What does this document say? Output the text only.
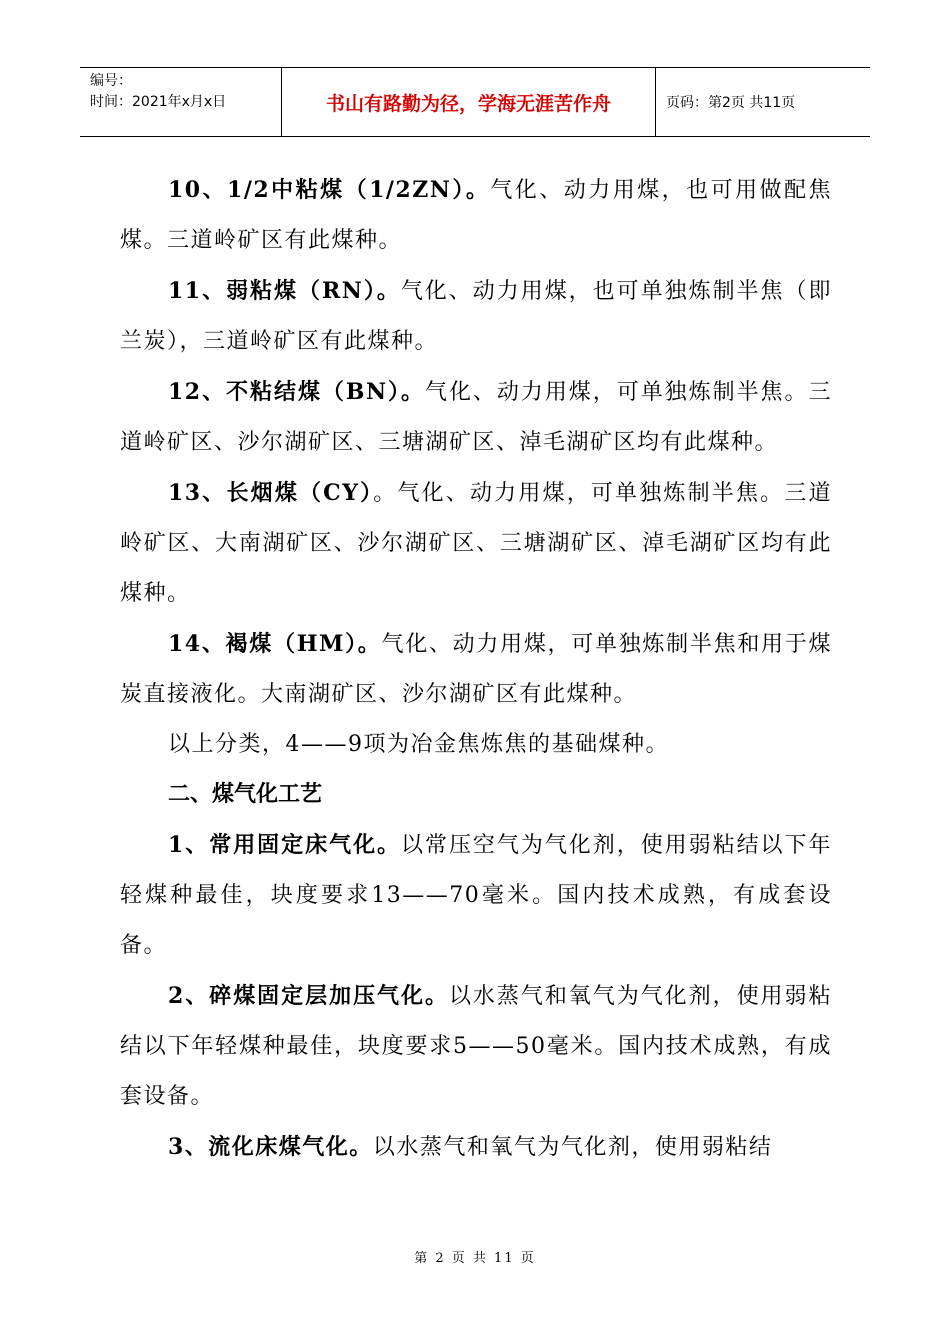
编号：
时间：2021年x月x日	书山有路勤为径，学海无涯苦作舟	页码：第2页 共11页

10、1/2中粘煤（1/2ZN）。气化、动力用煤，也可用做配焦煤。三道岭矿区有此煤种。

11、弱粘煤（RN）。气化、动力用煤，也可单独炼制半焦（即兰炭），三道岭矿区有此煤种。

12、不粘结煤（BN）。气化、动力用煤，可单独炼制半焦。三道岭矿区、沙尔湖矿区、三塘湖矿区、淖毛湖矿区均有此煤种。

13、长烟煤（CY）。气化、动力用煤，可单独炼制半焦。三道岭矿区、大南湖矿区、沙尔湖矿区、三塘湖矿区、淖毛湖矿区均有此煤种。

14、褐煤（HM）。气化、动力用煤，可单独炼制半焦和用于煤炭直接液化。大南湖矿区、沙尔湖矿区有此煤种。

以上分类，4——9项为冶金焦炼焦的基础煤种。

二、煤气化工艺

1、常用固定床气化。以常压空气为气化剂，使用弱粘结以下年轻煤种最佳，块度要求13——70毫米。国内技术成熟，有成套设备。

2、碎煤固定层加压气化。以水蒸气和氧气为气化剂，使用弱粘结以下年轻煤种最佳，块度要求5——50毫米。国内技术成熟，有成套设备。

3、流化床煤气化。以水蒸气和氧气为气化剂，使用弱粘结

第 2 页 共 11 页
